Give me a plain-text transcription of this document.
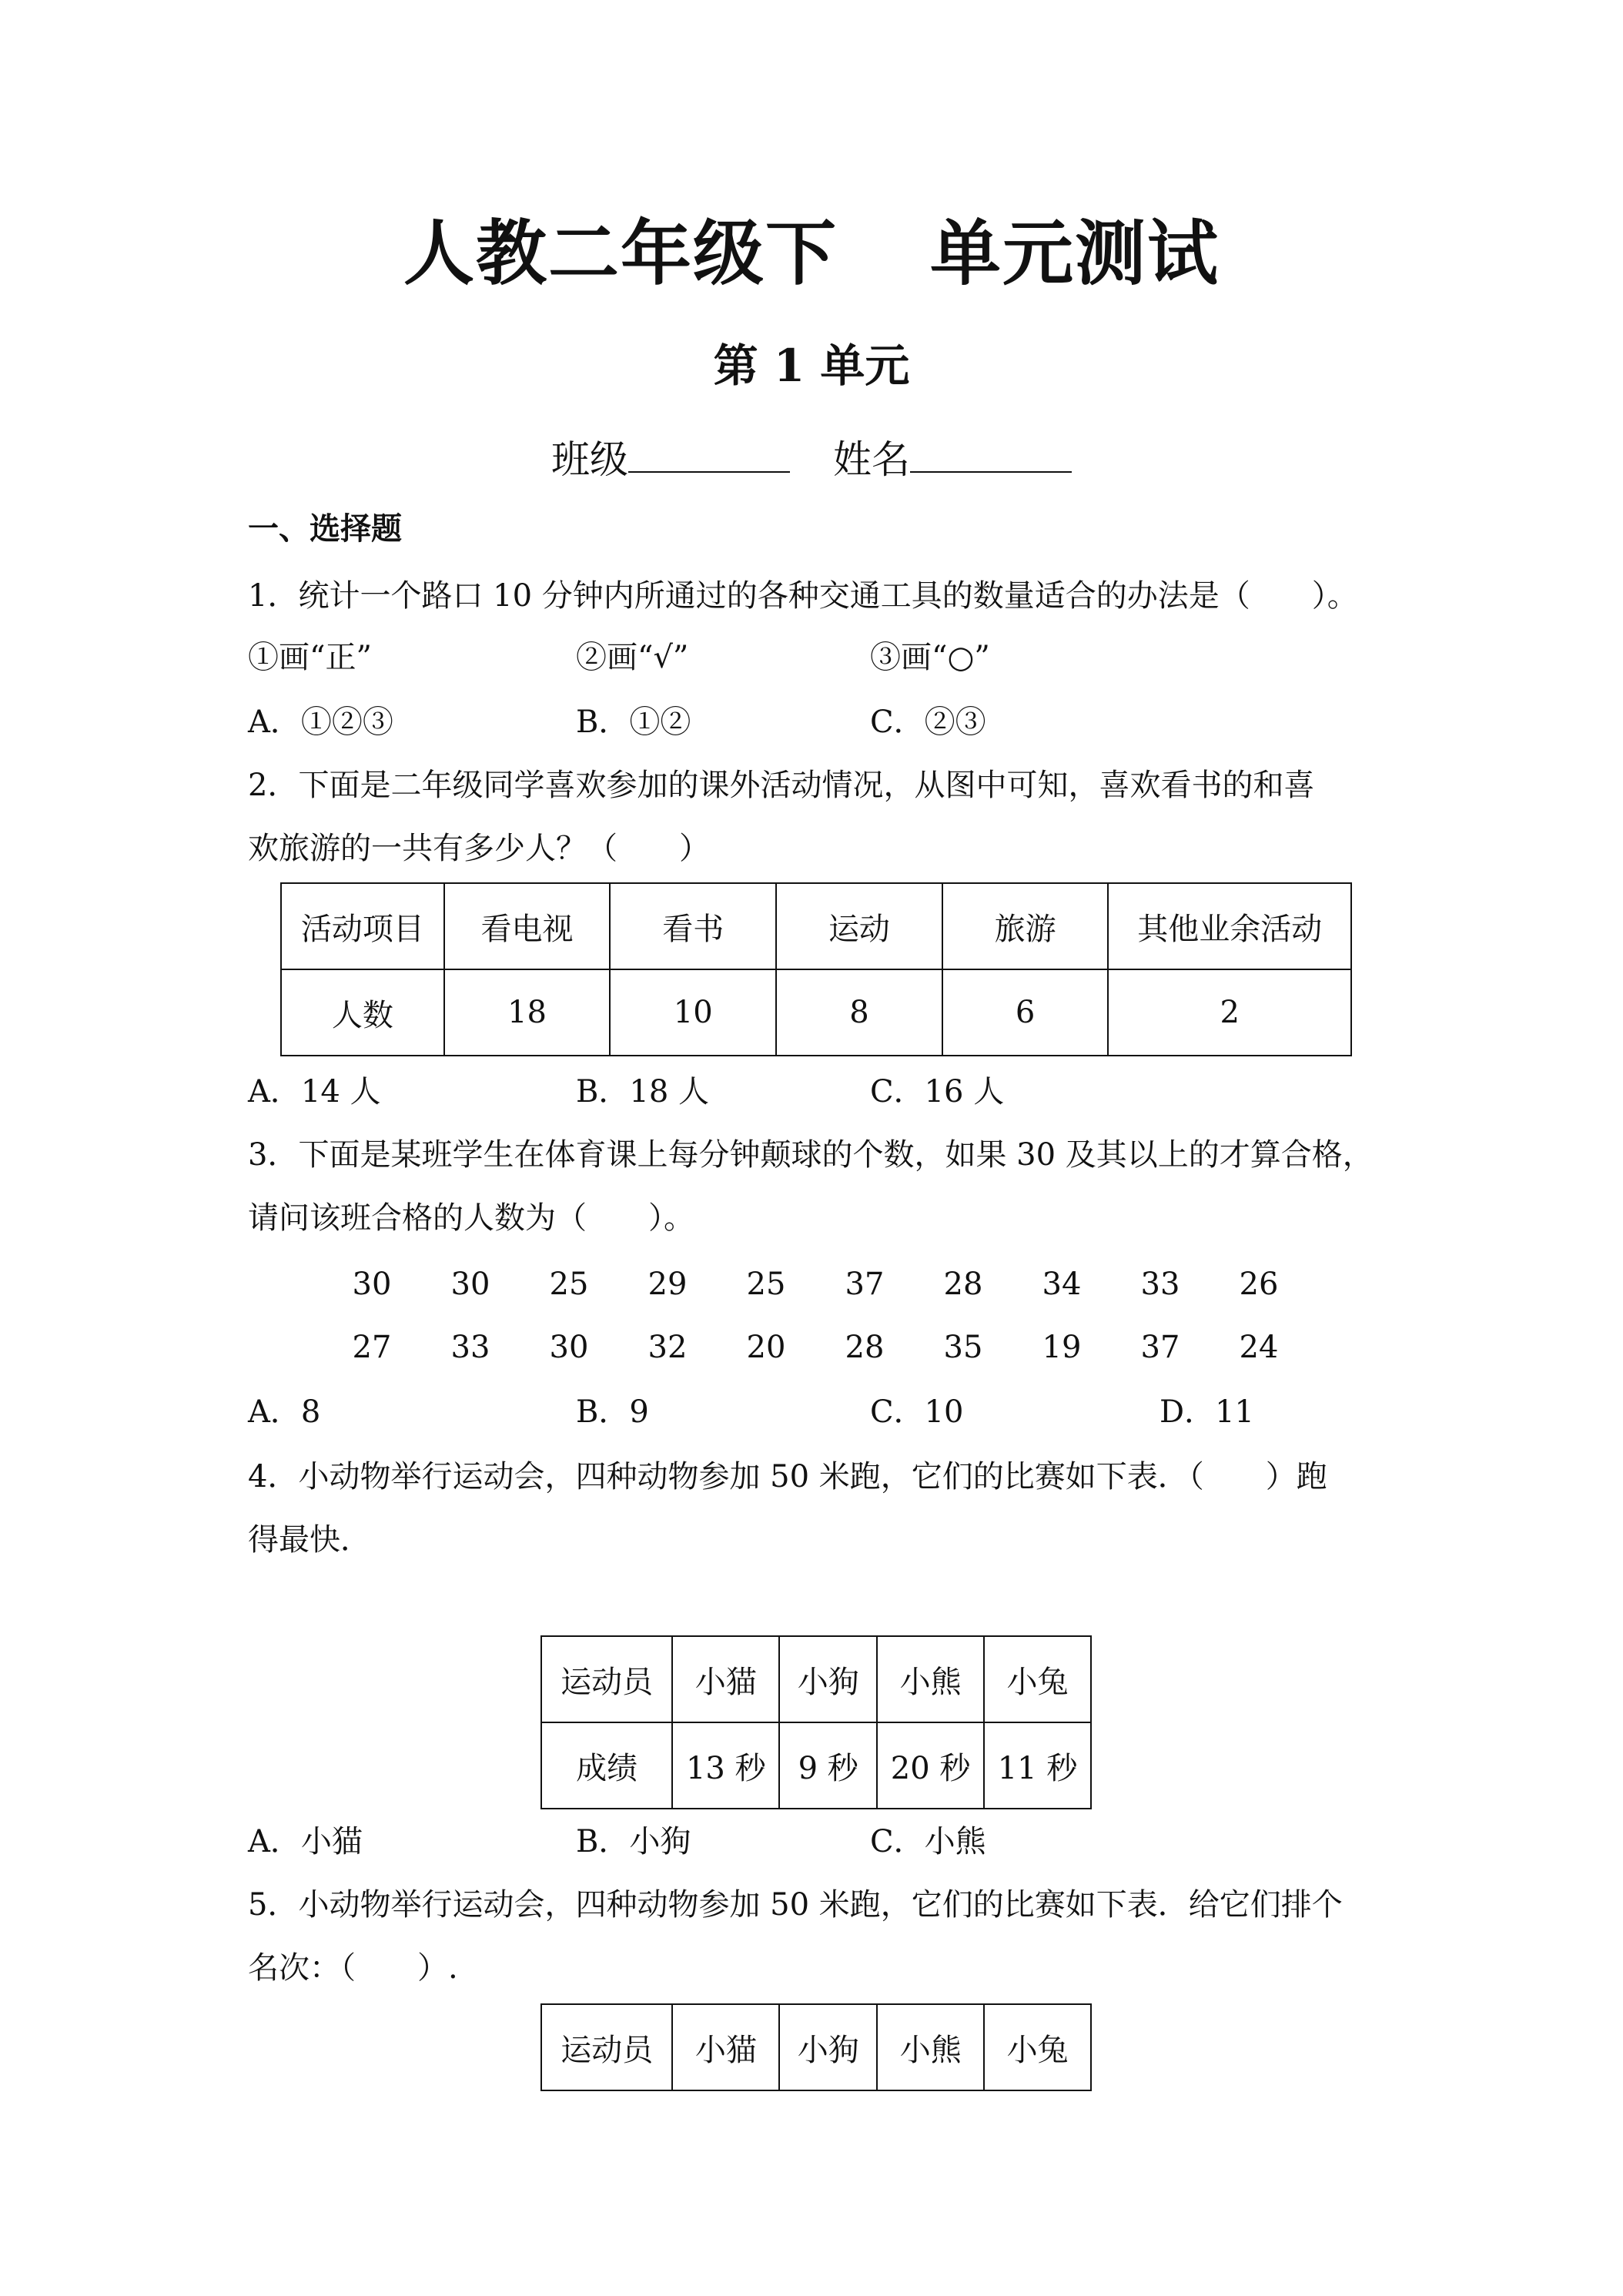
人教二年级下 单元测试
第 1 单元
班级	姓名
一、选择题
1．统计一个路口 10 分钟内所通过的各种交通工具的数量适合的办法是（　　）。
①画“正”	②画“√”	③画“○”
A．①②③	B．①②	C．②③
2．下面是二年级同学喜欢参加的课外活动情况，从图中可知，喜欢看书的和喜
欢旅游的一共有多少人？（　　）
活动项目	看电视	看书	运动	旅游	其他业余活动
人数	18	10	8	6	2
A．14 人	B．18 人	C．16 人
3．下面是某班学生在体育课上每分钟颠球的个数，如果 30 及其以上的才算合格，
请问该班合格的人数为（　　）。
30	30	25	29	25	37	28	34	33	26
27	33	30	32	20	28	35	19	37	24
A．8	B．9	C．10	D．11
4．小动物举行运动会，四种动物参加 50 米跑，它们的比赛如下表．（　　）跑
得最快．
运动员	小猫	小狗	小熊	小兔
成绩	13 秒	9 秒	20 秒	11 秒
A．小猫	B．小狗	C．小熊
5．小动物举行运动会，四种动物参加 50 米跑，它们的比赛如下表．给它们排个
名次：（　　）.
运动员	小猫	小狗	小熊	小兔
